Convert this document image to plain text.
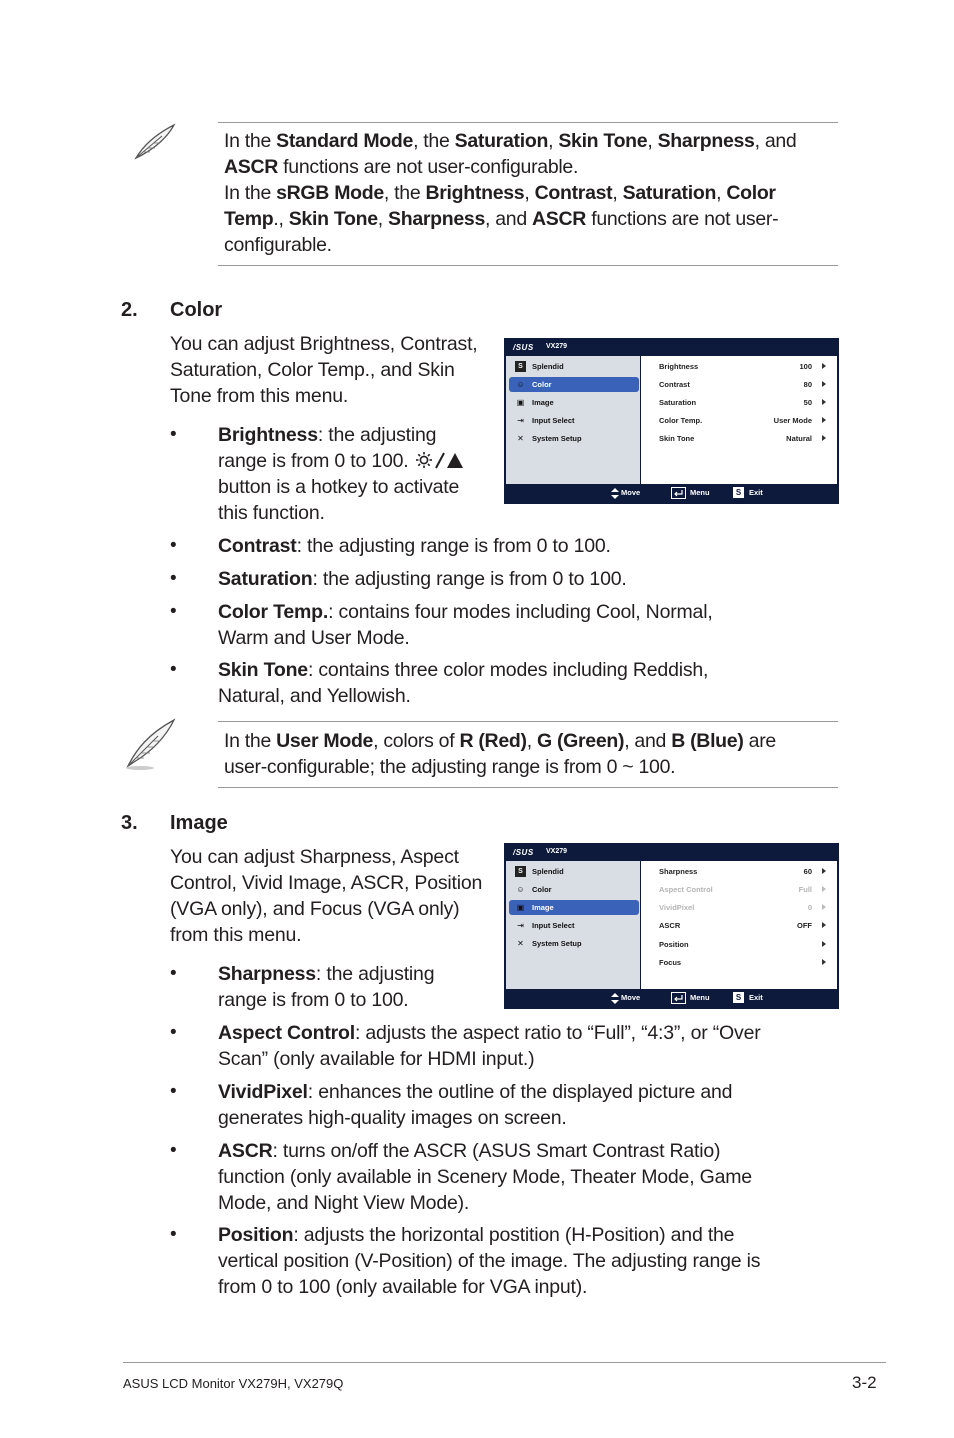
In the Standard Mode, the Saturation, Skin Tone, Sharpness, and
ASCR functions are not user-configurable.
In the sRGB Mode, the Brightness, Contrast, Saturation, Color
Temp., Skin Tone, Sharpness, and ASCR functions are not user-
configurable.
2. Color
You can adjust Brightness, Contrast,
Saturation, Color Temp., and Skin
Tone from this menu.
• Brightness: the adjusting
range is from 0 to 100.
button is a hotkey to activate
this function.
/SUS VX279
S	Splendid
☺ Color
▣ Image
⇥ Input Select
✕ System Setup
Brightness	100
Contrast	80
Saturation	50
Color Temp.	User Mode
Skin Tone	Natural
Move	Menu	S	Exit
• Contrast: the adjusting range is from 0 to 100.
• Saturation: the adjusting range is from 0 to 100.
• Color Temp.: contains four modes including Cool, Normal,
Warm and User Mode.
• Skin Tone: contains three color modes including Reddish,
Natural, and Yellowish.
In the User Mode, colors of R (Red), G (Green), and B (Blue) are
user-configurable; the adjusting range is from 0 ~ 100.
3. Image
You can adjust Sharpness, Aspect
Control, Vivid Image, ASCR, Position
(VGA only), and Focus (VGA only)
from this menu.
• Sharpness: the adjusting
range is from 0 to 100.
/SUS VX279
S	Splendid
☺ Color
▣ Image
⇥ Input Select
✕ System Setup
Sharpness	60
Aspect Control	Full
VividPixel	0
ASCR	OFF
Position
Focus
Move	Menu	S	Exit
• Aspect Control: adjusts the aspect ratio to “Full”, “4:3”, or “Over
Scan” (only available for HDMI input.)
• VividPixel: enhances the outline of the displayed picture and
generates high-quality images on screen.
• ASCR: turns on/off the ASCR (ASUS Smart Contrast Ratio)
function (only available in Scenery Mode, Theater Mode, Game
Mode, and Night View Mode).
• Position: adjusts the horizontal postition (H-Position) and the
vertical position (V-Position) of the image. The adjusting range is
from 0 to 100 (only available for VGA input).
ASUS LCD Monitor VX279H, VX279Q	3-2
